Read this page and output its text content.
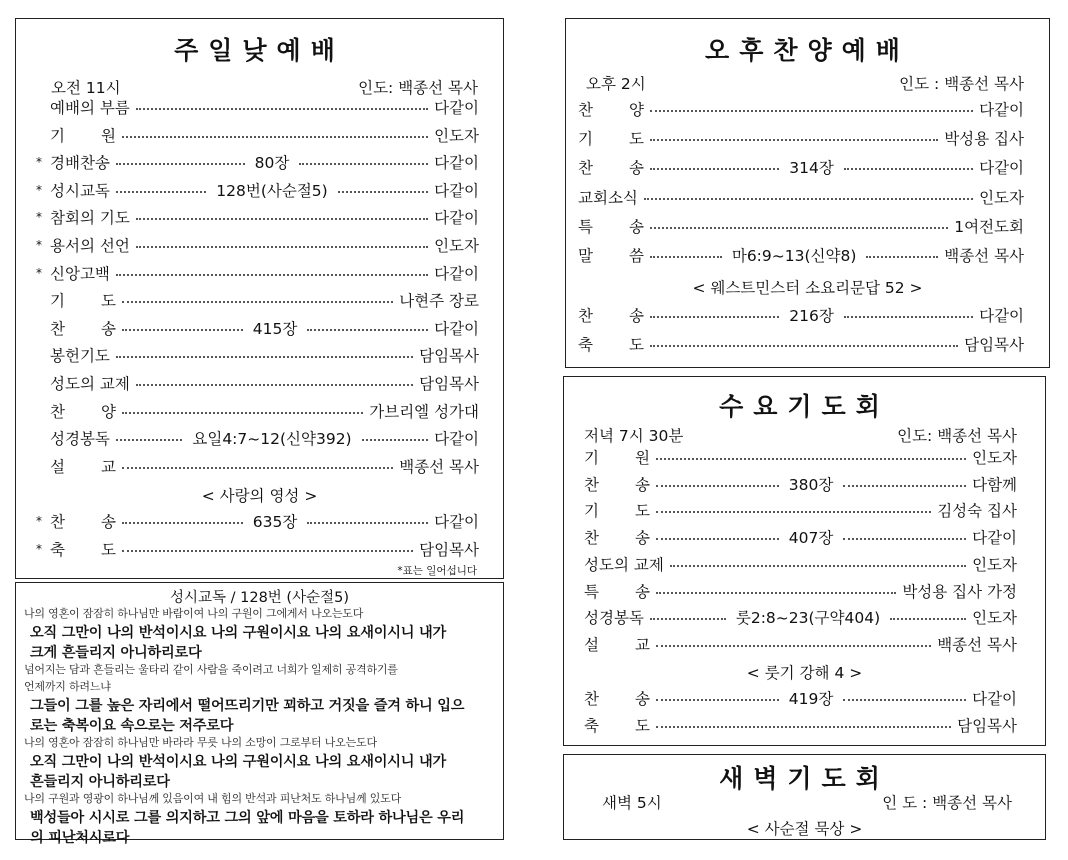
주일낮예배
오전 11시	인도: 백종선 목사
예배의 부름	다같이
기 원	인도자
* 경배찬송	80장	다같이
* 성시교독	128번(사순절5)	다같이
* 참회의 기도	다같이
* 용서의 선언	인도자
* 신앙고백	다같이
기 도	나현주 장로
찬 송	415장	다같이
봉헌기도	담임목사
성도의 교제	담임목사
찬 양	가브리엘 성가대
성경봉독	요일4:7~12(신약392)	다같이
설 교	백종선 목사
< 사랑의 영성 >
* 찬 송	635장	다같이
* 축 도	담임목사
*표는 일어섭니다
성시교독 / 128번 (사순절5)

나의 영혼이 잠잠히 하나님만 바람이여 나의 구원이 그에게서 나오는도다

오직 그만이 나의 반석이시요 나의 구원이시요 나의 요새이시니 내가

크게 흔들리지 아니하리로다

넘어지는 담과 흔들리는 울타리 같이 사람을 죽이려고 너희가 일제히 공격하기를

언제까지 하려느냐

그들이 그를 높은 자리에서 떨어뜨리기만 꾀하고 거짓을 즐겨 하니 입으

로는 축복이요 속으로는 저주로다

나의 영혼아 잠잠히 하나님만 바라라 무릇 나의 소망이 그로부터 나오는도다

오직 그만이 나의 반석이시요 나의 구원이시요 나의 요새이시니 내가

흔들리지 아니하리로다

나의 구원과 영광이 하나님께 있음이여 내 힘의 반석과 피난처도 하나님께 있도다

백성들아 시시로 그를 의지하고 그의 앞에 마음을 토하라 하나님은 우리

의 피난처시로다

오후찬양예배
오후 2시	인도 : 백종선 목사
찬 양	다같이
기 도	박성용 집사
찬 송	314장	다같이
교회소식	인도자
특 송	1여전도회
말 씀	마6:9~13(신약8)	백종선 목사
< 웨스트민스터 소요리문답 52 >
찬 송	216장	다같이
축 도	담임목사
수요기도회
저녁 7시 30분	인도: 백종선 목사
기 원	인도자
찬 송	380장	다함께
기 도	김성숙 집사
찬 송	407장	다같이
성도의 교제	인도자
특 송	박성용 집사 가정
성경봉독	룻2:8~23(구약404)	인도자
설 교	백종선 목사
< 룻기 강해 4 >
찬 송	419장	다같이
축 도	담임목사
새벽기도회
새벽 5시	인 도 : 백종선 목사
< 사순절 묵상 >
